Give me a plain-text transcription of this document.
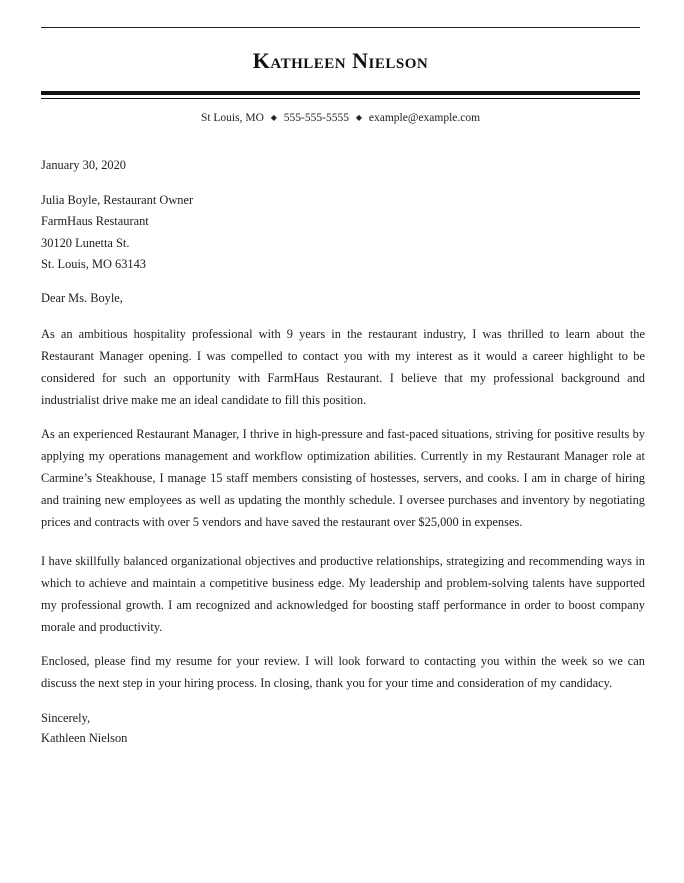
Kathleen Nielson
St Louis, MO ◆ 555-555-5555 ◆ example@example.com
January 30, 2020
Julia Boyle, Restaurant Owner
FarmHaus Restaurant
30120 Lunetta St.
St. Louis, MO 63143
Dear Ms. Boyle,

As an ambitious hospitality professional with 9 years in the restaurant industry, I was thrilled to learn about the Restaurant Manager opening. I was compelled to contact you with my interest as it would a career highlight to be considered for such an opportunity with FarmHaus Restaurant. I believe that my professional background and industrialist drive make me an ideal candidate to fill this position.

As an experienced Restaurant Manager, I thrive in high-pressure and fast-paced situations, striving for positive results by applying my operations management and workflow optimization abilities. Currently in my Restaurant Manager role at Carmine’s Steakhouse, I manage 15 staff members consisting of hostesses, servers, and cooks. I am in charge of hiring and training new employees as well as updating the monthly schedule. I oversee purchases and inventory by negotiating prices and contracts with over 5 vendors and have saved the restaurant over $25,000 in expenses.

I have skillfully balanced organizational objectives and productive relationships, strategizing and recommending ways in which to achieve and maintain a competitive business edge. My leadership and problem-solving talents have supported my professional growth. I am recognized and acknowledged for boosting staff performance in order to boost company morale and productivity.

Enclosed, please find my resume for your review. I will look forward to contacting you within the week so we can discuss the next step in your hiring process. In closing, thank you for your time and consideration of my candidacy.

Sincerely,
Kathleen Nielson
